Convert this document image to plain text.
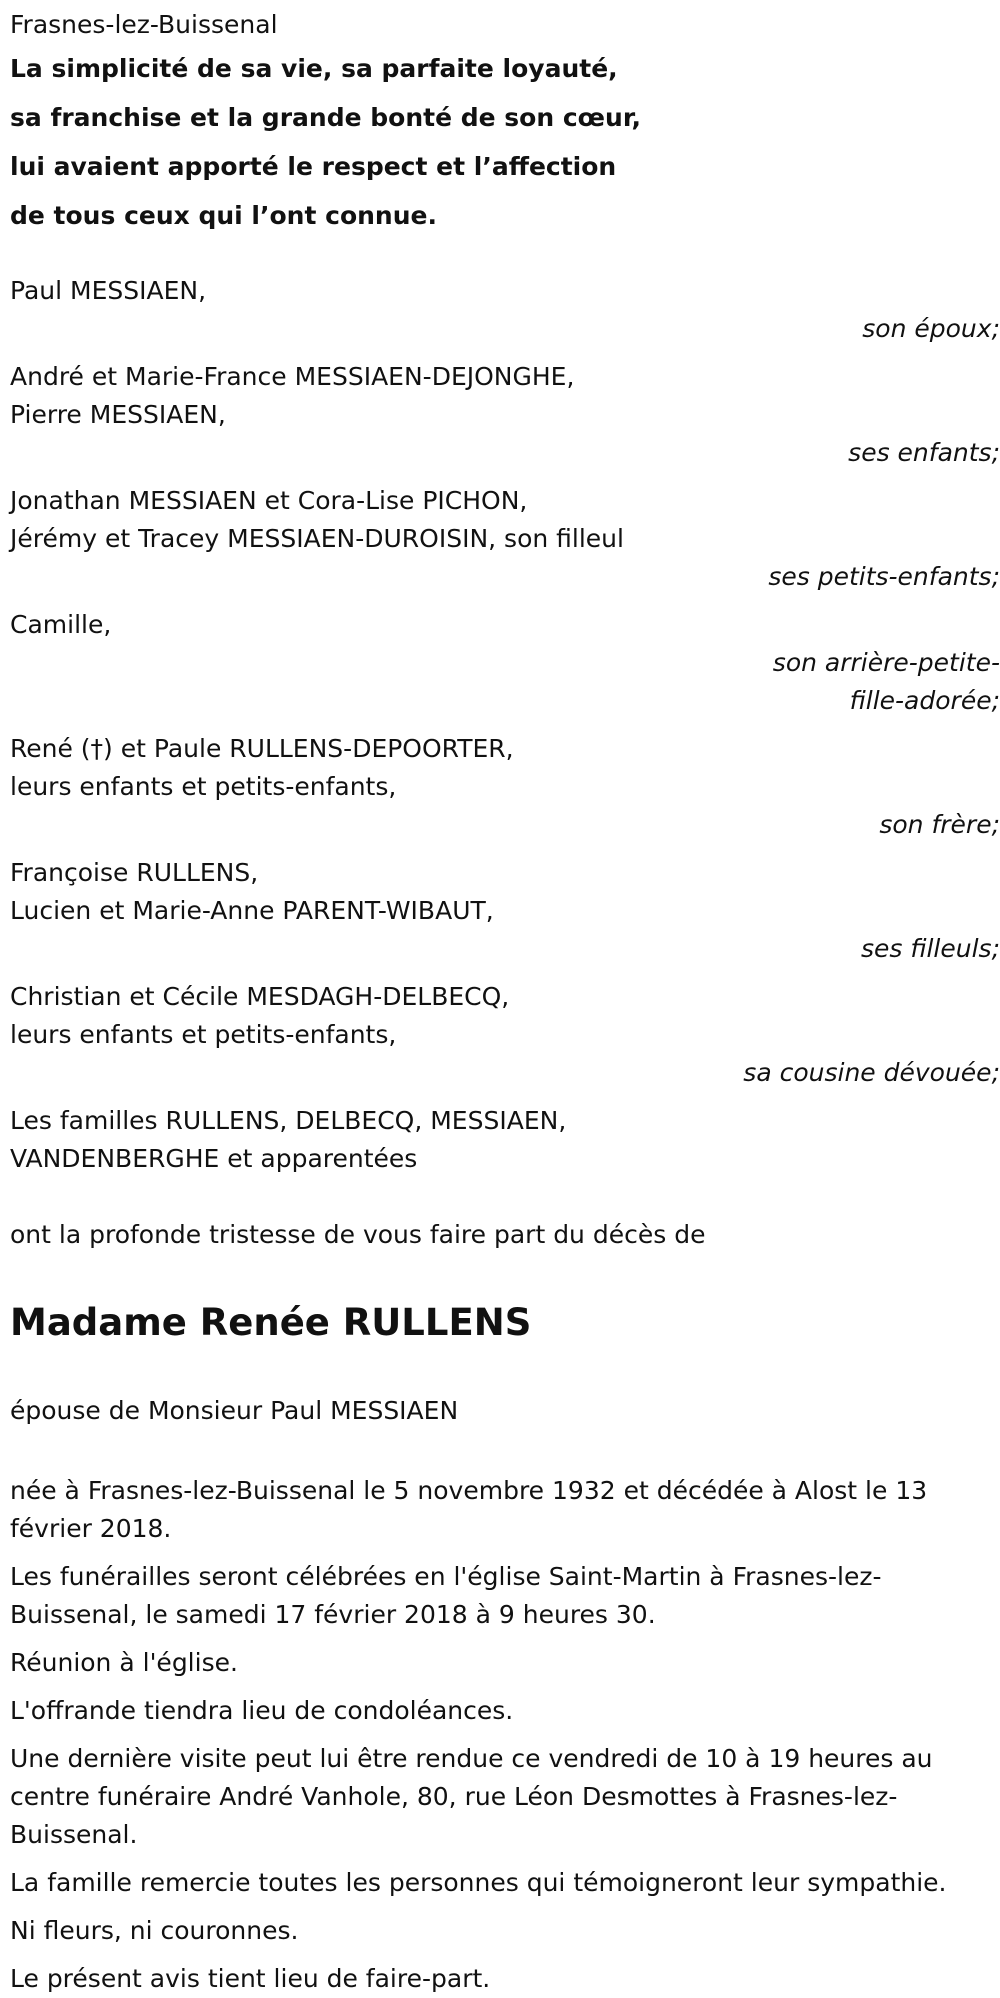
Frasnes-lez-Buissenal
La simplicité de sa vie, sa parfaite loyauté,
sa franchise et la grande bonté de son cœur,
lui avaient apporté le respect et l’affection
de tous ceux qui l’ont connue.
Paul MESSIAEN,
son époux;
André et Marie-France MESSIAEN-DEJONGHE,
Pierre MESSIAEN,
ses enfants;
Jonathan MESSIAEN et Cora-Lise PICHON,
Jérémy et Tracey MESSIAEN-DUROISIN, son filleul
ses petits-enfants;
Camille,
son arrière-petite-fille-adorée;
René (†) et Paule RULLENS-DEPOORTER,
leurs enfants et petits-enfants,
son frère;
Françoise RULLENS,
Lucien et Marie-Anne PARENT-WIBAUT,
ses filleuls;
Christian et Cécile MESDAGH-DELBECQ,
leurs enfants et petits-enfants,
sa cousine dévouée;
Les familles RULLENS, DELBECQ, MESSIAEN,
VANDENBERGHE et apparentées
ont la profonde tristesse de vous faire part du décès de
Madame Renée RULLENS
épouse de Monsieur Paul MESSIAEN

née à Frasnes-lez-Buissenal le 5 novembre 1932 et décédée à Alost le 13 février 2018.

Les funérailles seront célébrées en l'église Saint-Martin à Frasnes-lez-Buissenal, le samedi 17 février 2018 à 9 heures 30.

Réunion à l'église.

L'offrande tiendra lieu de condoléances.

Une dernière visite peut lui être rendue ce vendredi de 10 à 19 heures au centre funéraire André Vanhole, 80, rue Léon Desmottes à Frasnes-lez-Buissenal.

La famille remercie toutes les personnes qui témoigneront leur sympathie.

Ni fleurs, ni couronnes.

Le présent avis tient lieu de faire-part.
